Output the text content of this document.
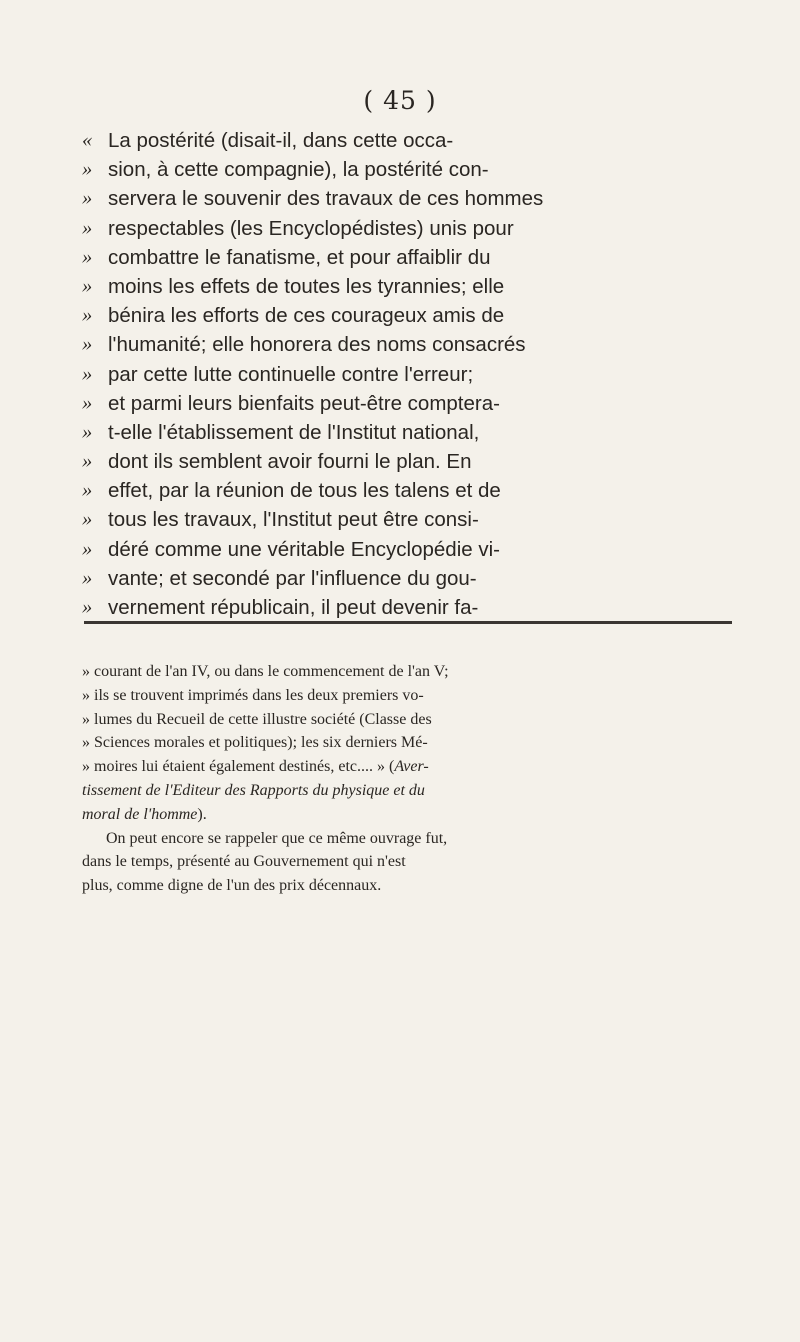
( 45 )
« La postérité (disait-il, dans cette occa-
» sion, à cette compagnie), la postérité con-
» servera le souvenir des travaux de ces hommes
» respectables (les Encyclopédistes) unis pour
» combattre le fanatisme, et pour affaiblir du
» moins les effets de toutes les tyrannies; elle
» bénira les efforts de ces courageux amis de
» l'humanité; elle honorera des noms consacrés
» par cette lutte continuelle contre l'erreur;
» et parmi leurs bienfaits peut-être comptera-
» t-elle l'établissement de l'Institut national,
» dont ils semblent avoir fourni le plan. En
» effet, par la réunion de tous les talens et de
» tous les travaux, l'Institut peut être consi-
» déré comme une véritable Encyclopédie vi-
» vante; et secondé par l'influence du gou-
» vernement républicain, il peut devenir fa-
» courant de l'an IV, ou dans le commencement de l'an V;
» ils se trouvent imprimés dans les deux premiers vo-
» lumes du Recueil de cette illustre société (Classe des
» Sciences morales et politiques); les six derniers Mé-
» moires lui étaient également destinés, etc.... » (Aver-
tissement de l'Editeur des Rapports du physique et du
moral de l'homme).
On peut encore se rappeler que ce même ouvrage fut,
dans le temps, présenté au Gouvernement qui n'est
plus, comme digne de l'un des prix décennaux.
